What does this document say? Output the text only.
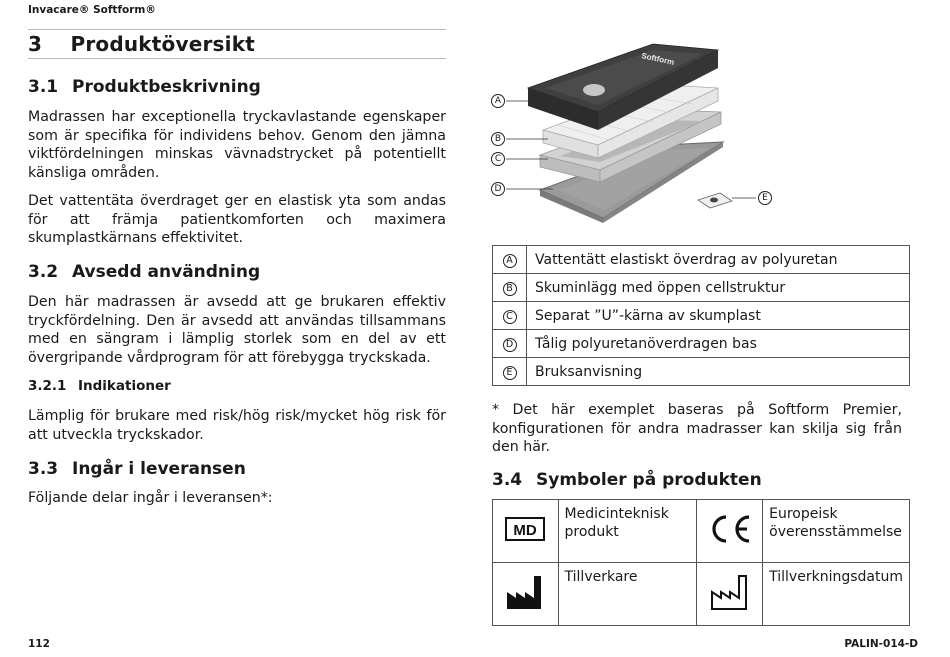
Invacare® Softform®
3 Produktöversikt
3.1 Produktbeskrivning
Madrassen har exceptionella tryckavlastande egenskaper som är specifika för individens behov. Genom den jämna viktfördelningen minskas vävnadstrycket på potentiellt känsliga områden.
Det vattentäta överdraget ger en elastisk yta som andas för att främja patientkomforten och maximera skumplastkärnans effektivitet.
3.2 Avsedd användning
Den här madrassen är avsedd att ge brukaren effektiv tryckfördelning. Den är avsedd att användas tillsammans med en sängram i lämplig storlek som en del av ett övergripande vårdprogram för att förebygga tryckskada.
3.2.1 Indikationer
Lämplig för brukare med risk/hög risk/mycket hög risk för att utveckla tryckskador.
3.3 Ingår i leveransen
Följande delar ingår i leveransen*:
Softform
A
B
C
D
E
A	Vattentätt elastiskt överdrag av polyuretan
B	Skuminlägg med öppen cellstruktur
C	Separat ”U”-kärna av skumplast
D	Tålig polyuretanöverdragen bas
E	Bruksanvisning
* Det här exemplet baseras på Softform Premier, konfigurationen för andra madrasser kan skilja sig från den här.
3.4 Symboler på produkten
MD	Medicinteknisk produkt		Europeisk överensstämmelse
	Tillverkare		Tillverkningsdatum
112	PALIN-014-D
